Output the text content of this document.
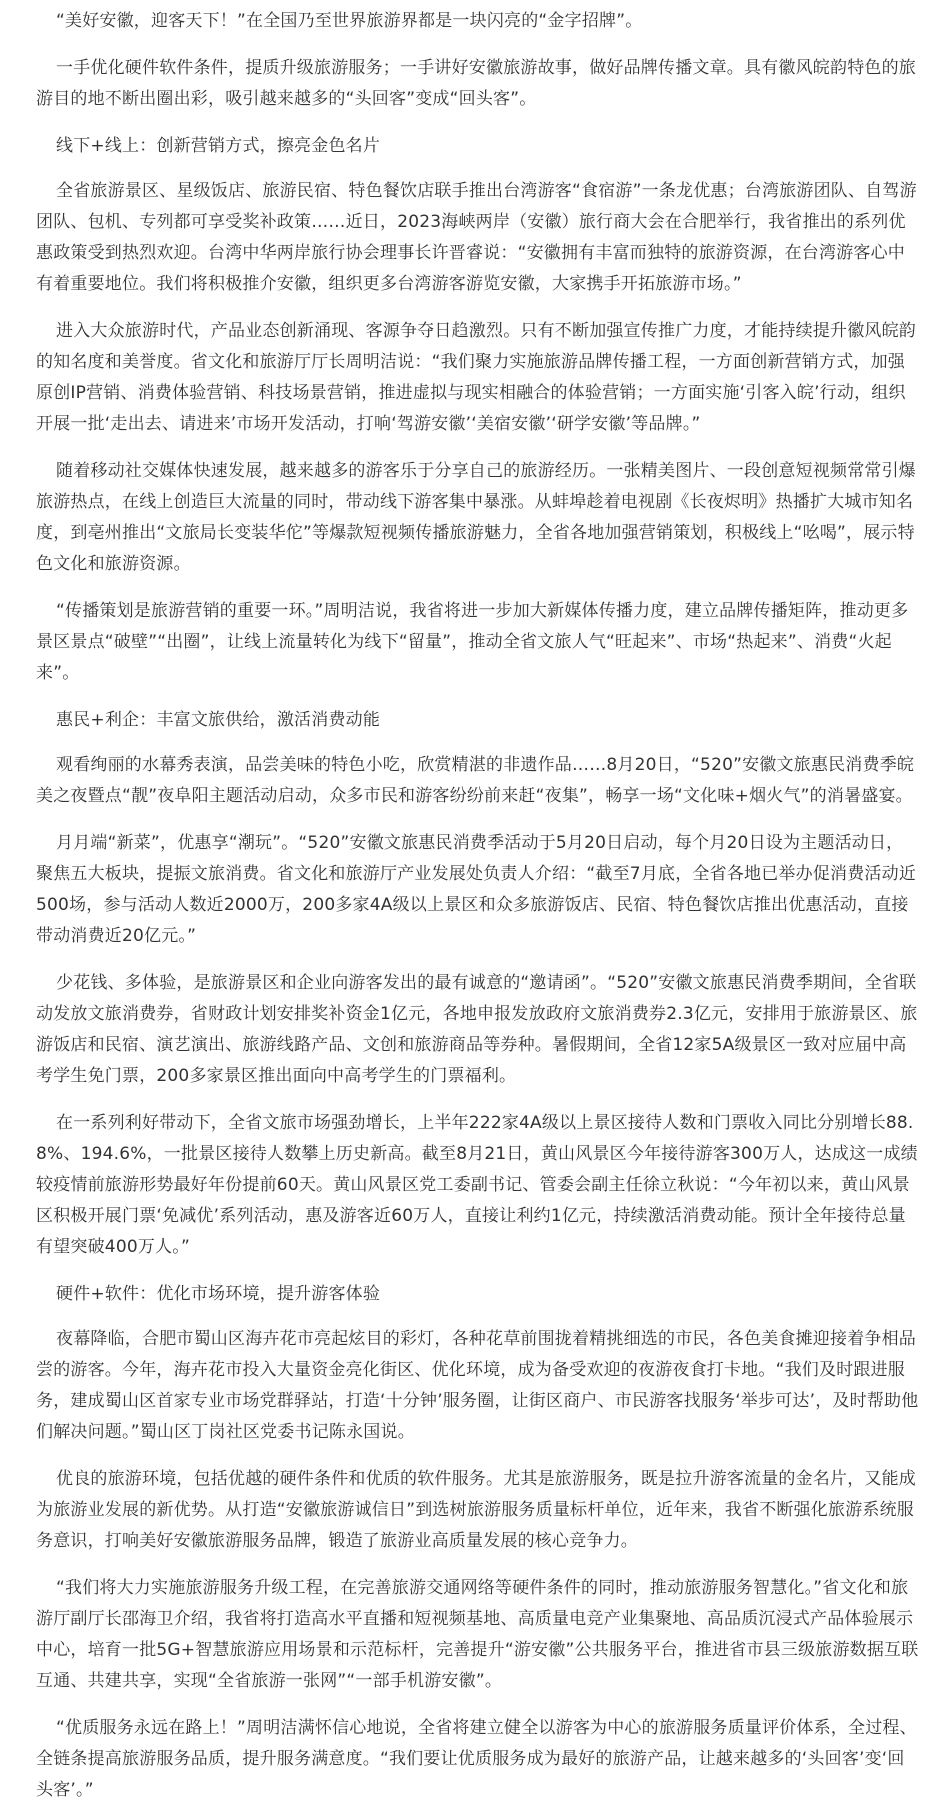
“美好安徽，迎客天下！”在全国乃至世界旅游界都是一块闪亮的“金字招牌”。

一手优化硬件软件条件，提质升级旅游服务；一手讲好安徽旅游故事，做好品牌传播文章。具有徽风皖韵特色的旅游目的地不断出圈出彩，吸引越来越多的“头回客”变成“回头客”。

线下+线上：创新营销方式，擦亮金色名片

全省旅游景区、星级饭店、旅游民宿、特色餐饮店联手推出台湾游客“食宿游”一条龙优惠；台湾旅游团队、自驾游团队、包机、专列都可享受奖补政策……近日，2023海峡两岸（安徽）旅行商大会在合肥举行，我省推出的系列优惠政策受到热烈欢迎。台湾中华两岸旅行协会理事长许晋睿说：“安徽拥有丰富而独特的旅游资源，在台湾游客心中有着重要地位。我们将积极推介安徽，组织更多台湾游客游览安徽，大家携手开拓旅游市场。”

进入大众旅游时代，产品业态创新涌现、客源争夺日趋激烈。只有不断加强宣传推广力度，才能持续提升徽风皖韵的知名度和美誉度。省文化和旅游厅厅长周明洁说：“我们聚力实施旅游品牌传播工程，一方面创新营销方式，加强原创IP营销、消费体验营销、科技场景营销，推进虚拟与现实相融合的体验营销；一方面实施‘引客入皖’行动，组织开展一批‘走出去、请进来’市场开发活动，打响‘驾游安徽’‘美宿安徽’‘研学安徽’等品牌。”

随着移动社交媒体快速发展，越来越多的游客乐于分享自己的旅游经历。一张精美图片、一段创意短视频常常引爆旅游热点，在线上创造巨大流量的同时，带动线下游客集中暴涨。从蚌埠趁着电视剧《长夜烬明》热播扩大城市知名度，到亳州推出“文旅局长变装华佗”等爆款短视频传播旅游魅力，全省各地加强营销策划，积极线上“吆喝”，展示特色文化和旅游资源。

“传播策划是旅游营销的重要一环。”周明洁说，我省将进一步加大新媒体传播力度，建立品牌传播矩阵，推动更多景区景点“破壁”“出圈”，让线上流量转化为线下“留量”，推动全省文旅人气“旺起来”、市场“热起来”、消费“火起来”。

惠民+利企：丰富文旅供给，激活消费动能

观看绚丽的水幕秀表演，品尝美味的特色小吃，欣赏精湛的非遗作品……8月20日，“520”安徽文旅惠民消费季皖美之夜暨点“靓”夜阜阳主题活动启动，众多市民和游客纷纷前来赶“夜集”，畅享一场“文化味+烟火气”的消暑盛宴。

月月端“新菜”，优惠享“潮玩”。“520”安徽文旅惠民消费季活动于5月20日启动，每个月20日设为主题活动日，聚焦五大板块，提振文旅消费。省文化和旅游厅产业发展处负责人介绍：“截至7月底，全省各地已举办促消费活动近500场，参与活动人数近2000万，200多家4A级以上景区和众多旅游饭店、民宿、特色餐饮店推出优惠活动，直接带动消费近20亿元。”

少花钱、多体验，是旅游景区和企业向游客发出的最有诚意的“邀请函”。“520”安徽文旅惠民消费季期间，全省联动发放文旅消费券，省财政计划安排奖补资金1亿元，各地申报发放政府文旅消费券2.3亿元，安排用于旅游景区、旅游饭店和民宿、演艺演出、旅游线路产品、文创和旅游商品等券种。暑假期间，全省12家5A级景区一致对应届中高考学生免门票，200多家景区推出面向中高考学生的门票福利。

在一系列利好带动下，全省文旅市场强劲增长，上半年222家4A级以上景区接待人数和门票收入同比分别增长88.8%、194.6%，一批景区接待人数攀上历史新高。截至8月21日，黄山风景区今年接待游客300万人，达成这一成绩较疫情前旅游形势最好年份提前60天。黄山风景区党工委副书记、管委会副主任徐立秋说：“今年初以来，黄山风景区积极开展门票‘免减优’系列活动，惠及游客近60万人，直接让利约1亿元，持续激活消费动能。预计全年接待总量有望突破400万人。”

硬件+软件：优化市场环境，提升游客体验

夜幕降临，合肥市蜀山区海卉花市亮起炫目的彩灯，各种花草前围拢着精挑细选的市民，各色美食摊迎接着争相品尝的游客。今年，海卉花市投入大量资金亮化街区、优化环境，成为备受欢迎的夜游夜食打卡地。“我们及时跟进服务，建成蜀山区首家专业市场党群驿站，打造‘十分钟’服务圈，让街区商户、市民游客找服务‘举步可达’，及时帮助他们解决问题。”蜀山区丁岗社区党委书记陈永国说。

优良的旅游环境，包括优越的硬件条件和优质的软件服务。尤其是旅游服务，既是拉升游客流量的金名片，又能成为旅游业发展的新优势。从打造“安徽旅游诚信日”到选树旅游服务质量标杆单位，近年来，我省不断强化旅游系统服务意识，打响美好安徽旅游服务品牌，锻造了旅游业高质量发展的核心竞争力。

“我们将大力实施旅游服务升级工程，在完善旅游交通网络等硬件条件的同时，推动旅游服务智慧化。”省文化和旅游厅副厅长邵海卫介绍，我省将打造高水平直播和短视频基地、高质量电竞产业集聚地、高品质沉浸式产品体验展示中心，培育一批5G+智慧旅游应用场景和示范标杆，完善提升“游安徽”公共服务平台，推进省市县三级旅游数据互联互通、共建共享，实现“全省旅游一张网”“一部手机游安徽”。

“优质服务永远在路上！”周明洁满怀信心地说，全省将建立健全以游客为中心的旅游服务质量评价体系，全过程、全链条提高旅游服务品质，提升服务满意度。“我们要让优质服务成为最好的旅游产品，让越来越多的‘头回客’变‘回头客’。”
